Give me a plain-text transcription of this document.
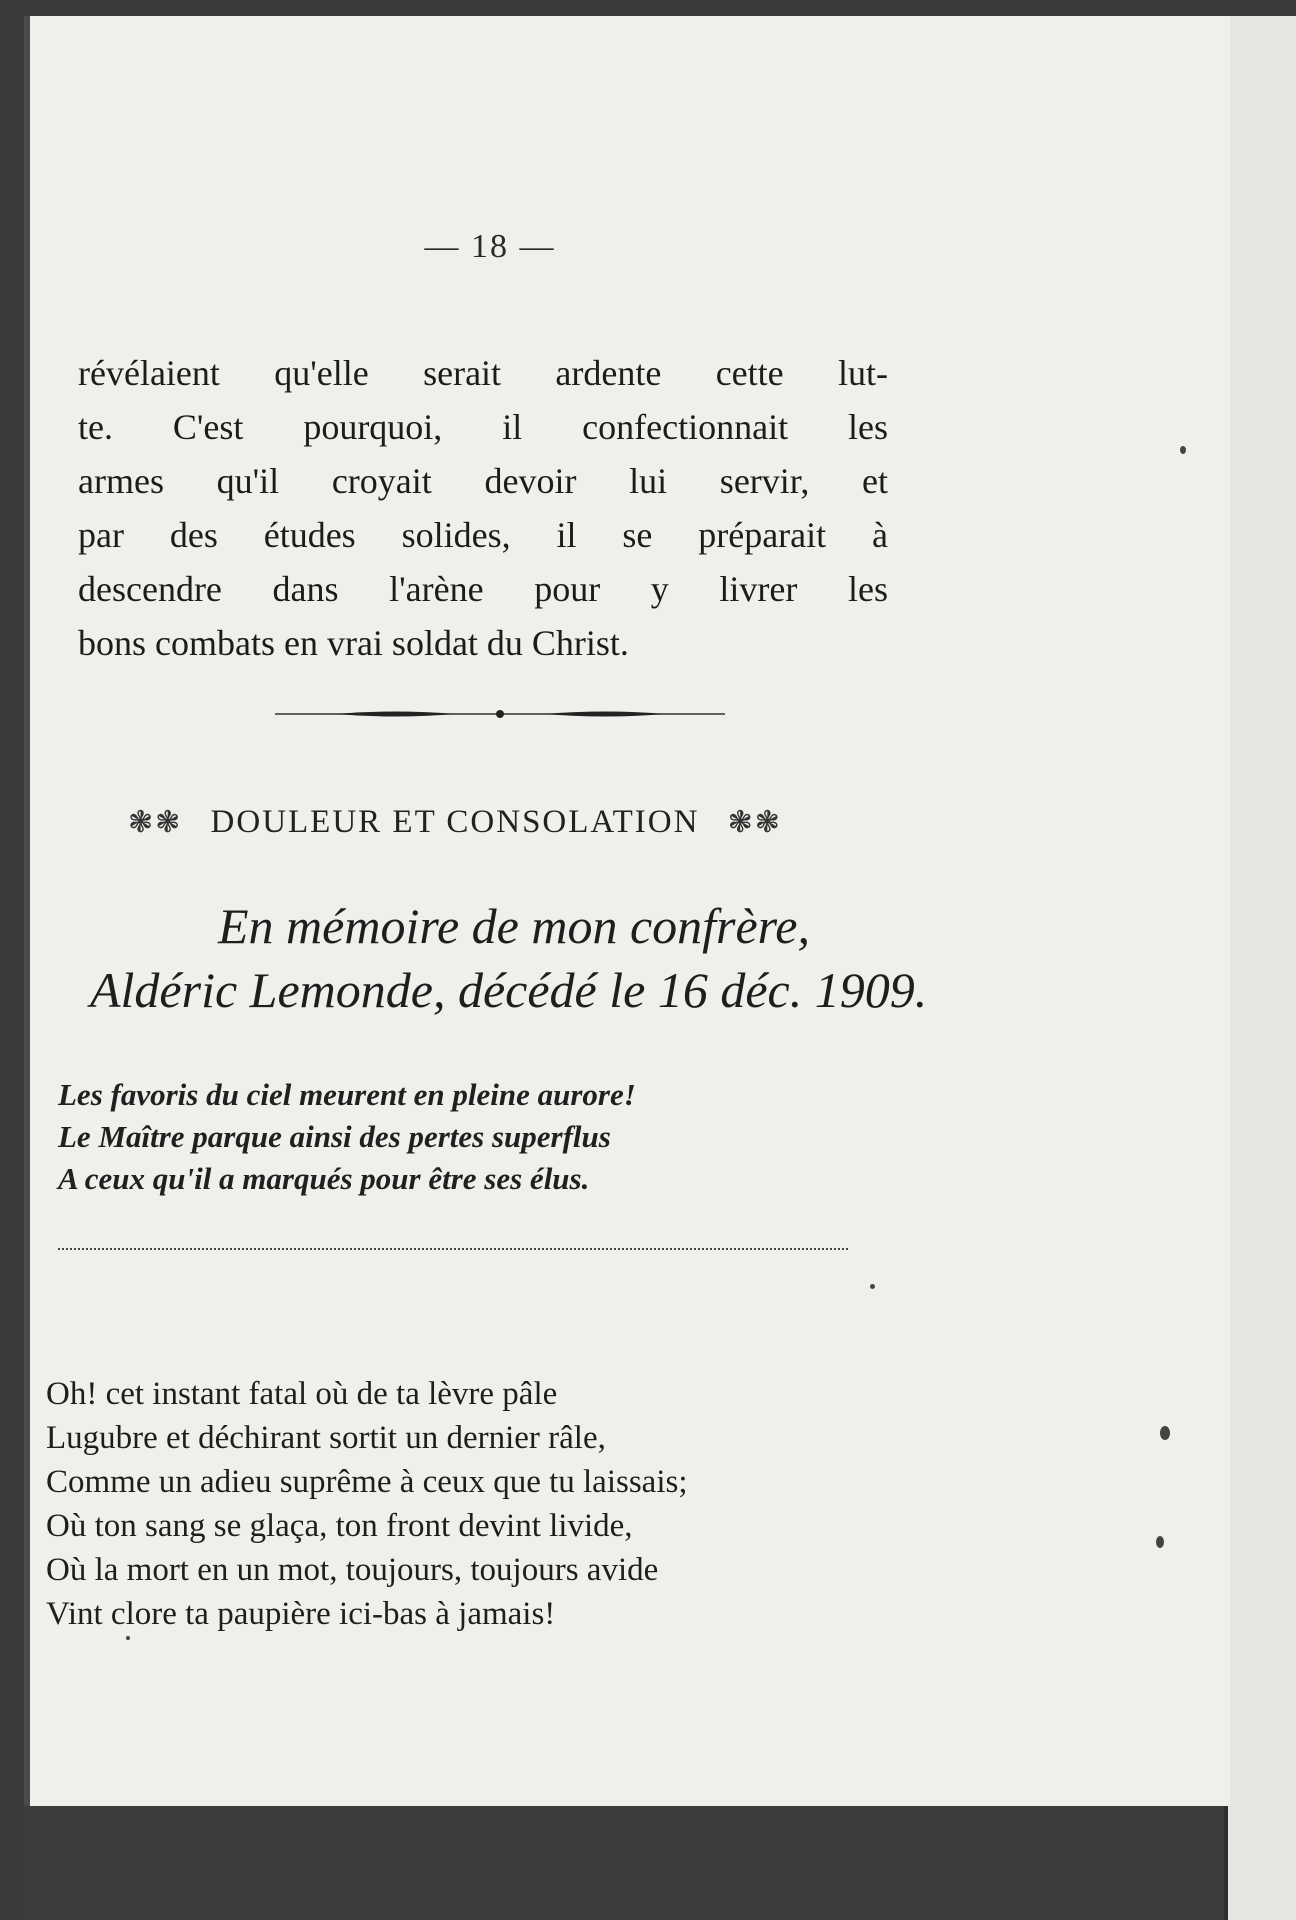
— 18 —
révélaient qu'elle serait ardente cette lut-
te. C'est pourquoi, il confectionnait les
armes qu'il croyait devoir lui servir, et
par des études solides, il se préparait à
descendre dans l'arène pour y livrer les
bons combats en vrai soldat du Christ.
❃❃ DOULEUR ET CONSOLATION ❃❃
En mémoire de mon confrère,
Aldéric Lemonde, décédé le 16 déc. 1909.
Les favoris du ciel meurent en pleine aurore!
Le Maître parque ainsi des pertes superflus
A ceux qu'il a marqués pour être ses élus.
Oh! cet instant fatal où de ta lèvre pâle
Lugubre et déchirant sortit un dernier râle,
Comme un adieu suprême à ceux que tu laissais;
Où ton sang se glaça, ton front devint livide,
Où la mort en un mot, toujours, toujours avide
Vint clore ta paupière ici-bas à jamais!
